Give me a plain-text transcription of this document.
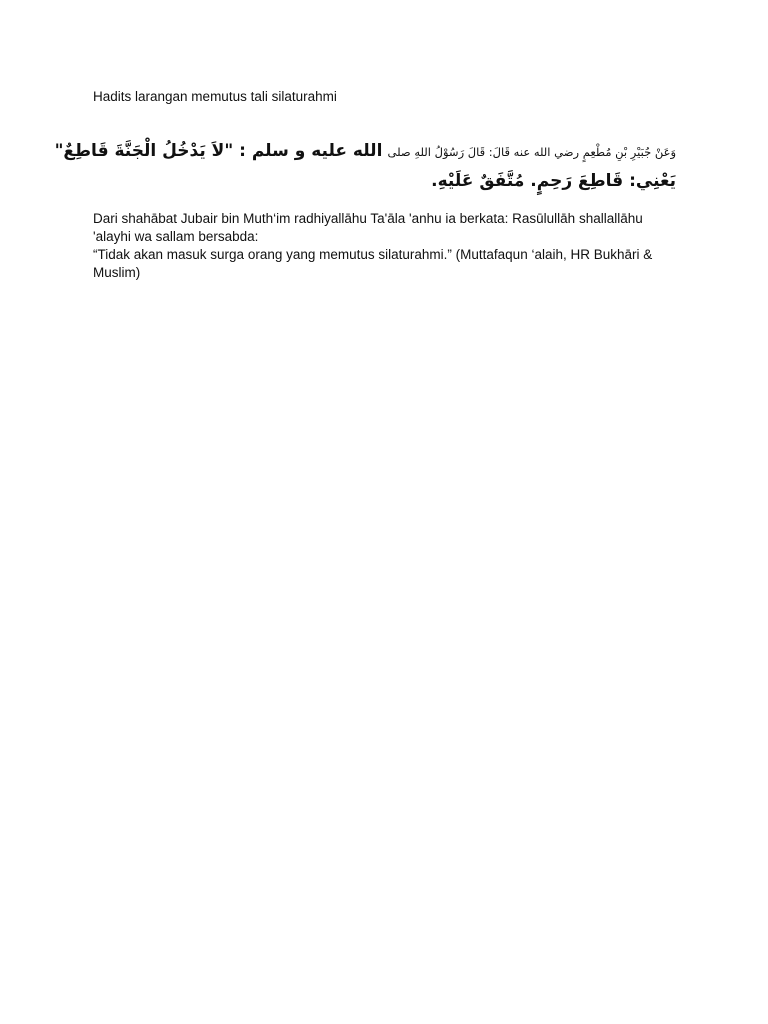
Hadits larangan memutus tali silaturahmi
وَعَنْ جُبَيْرِ بْنِ مُطْعِمٍ رضي الله عنه قَالَ: قَالَ رَسُوْلُ اللهِ صلى الله عليه و سلم : "لاَ يَدْخُلُ الْجَنَّةَ قَاطِعٌ"
يَعْنِي: قَاطِعَ رَحِمٍ. مُتَّفَقٌ عَلَيْهِ.

Dari shahābat Jubair bin Muth‘im radhiyallāhu Ta'āla 'anhu ia berkata: Rasūlullāh shallallāhu 'alayhi wa sallam bersabda:

“Tidak akan masuk surga orang yang memutus silaturahmi.” (Muttafaqun ‘alaih, HR Bukhāri & Muslim)
